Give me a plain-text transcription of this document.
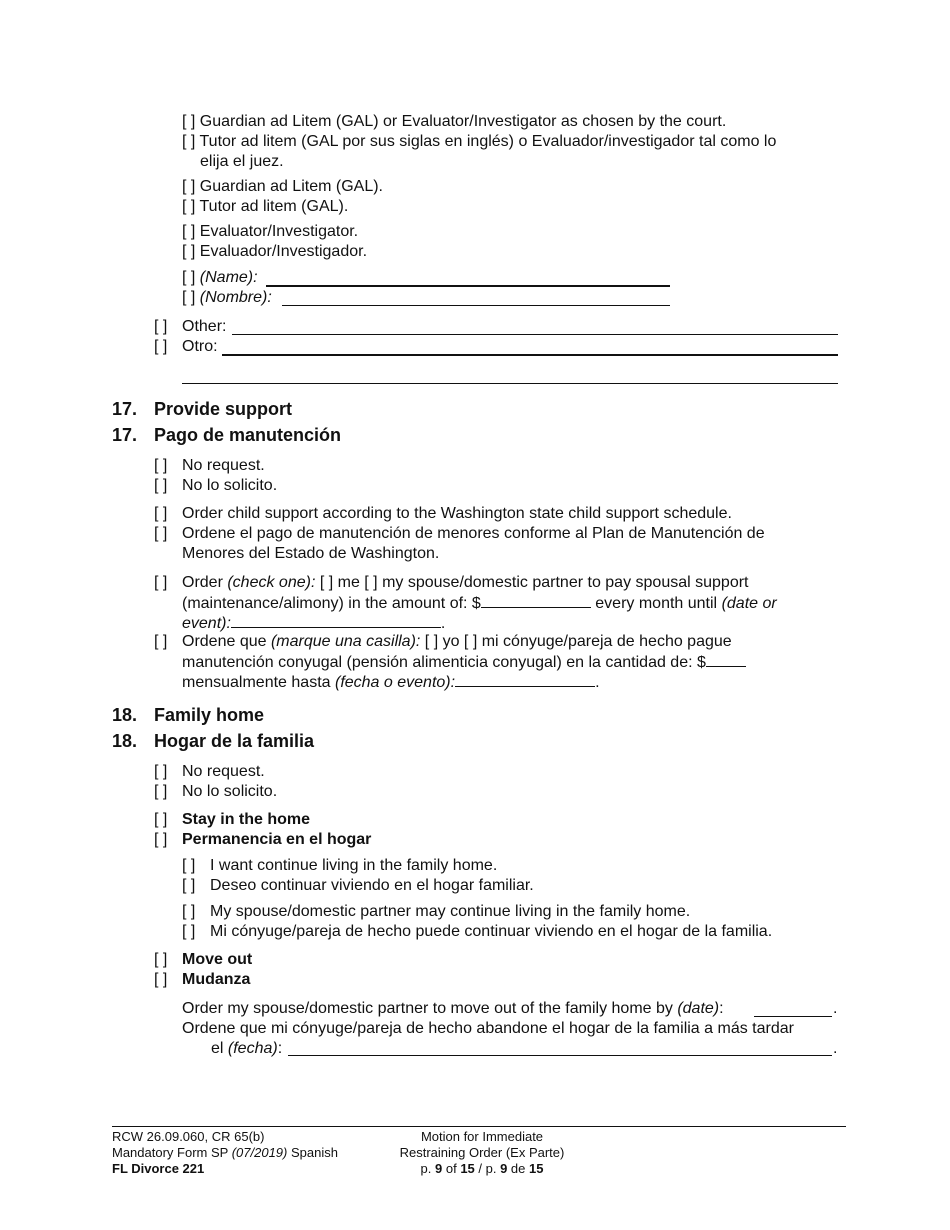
[ ] Guardian ad Litem (GAL) or Evaluator/Investigator as chosen by the court.
[ ] Tutor ad litem (GAL por sus siglas en inglés) o Evaluador/investigador tal como lo
elija el juez.
[ ] Guardian ad Litem (GAL).
[ ] Tutor ad litem (GAL).
[ ] Evaluator/Investigator.
[ ] Evaluador/Investigador.
[ ] (Name):
[ ] (Nombre):
[ ] Other:
[ ] Otro:
17. Provide support
17. Pago de manutención
[ ] No request.
[ ] No lo solicito.
[ ] Order child support according to the Washington state child support schedule.
[ ] Ordene el pago de manutención de menores conforme al Plan de Manutención de
Menores del Estado de Washington.
[ ] Order (check one): [ ] me [ ] my spouse/domestic partner to pay spousal support
(maintenance/alimony) in the amount of: $	every month until (date or
event):	.
[ ] Ordene que (marque una casilla): [ ] yo [ ] mi cónyuge/pareja de hecho pague
manutención conyugal (pensión alimenticia conyugal) en la cantidad de: $
mensualmente hasta (fecha o evento):	.
18. Family home
18. Hogar de la familia
[ ] No request.
[ ] No lo solicito.
[ ] Stay in the home
[ ] Permanencia en el hogar
[ ] I want continue living in the family home.
[ ] Deseo continuar viviendo en el hogar familiar.
[ ] My spouse/domestic partner may continue living in the family home.
[ ] Mi cónyuge/pareja de hecho puede continuar viviendo en el hogar de la familia.
[ ] Move out
[ ] Mudanza
Order my spouse/domestic partner to move out of the family home by (date):	.
Ordene que mi cónyuge/pareja de hecho abandone el hogar de la familia a más tardar
el (fecha):	.
RCW 26.09.060, CR 65(b)
Mandatory Form SP (07/2019) Spanish
FL Divorce 221
Motion for Immediate
Restraining Order (Ex Parte)
p. 9 of 15 / p. 9 de 15
